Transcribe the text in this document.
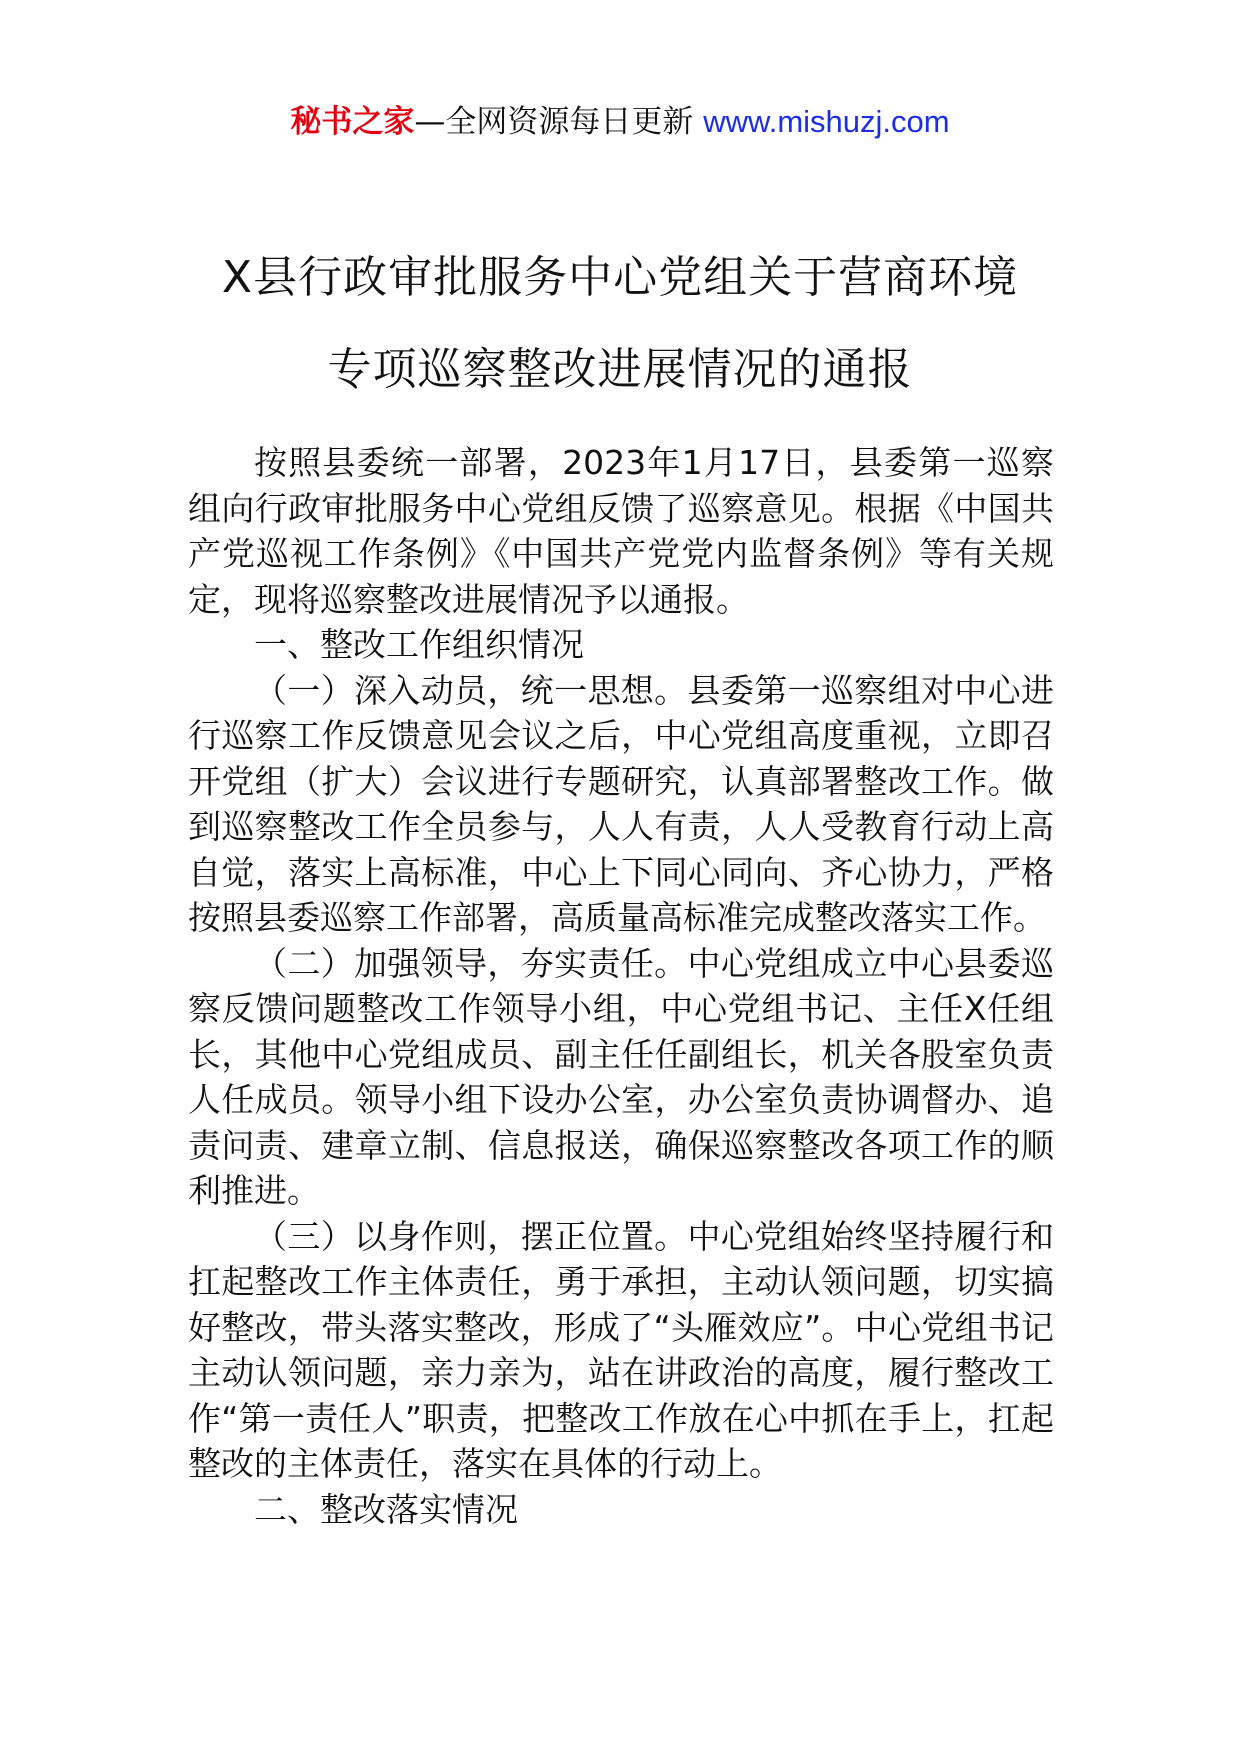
秘书之家—全网资源每日更新 www.mishuzj.com
X县行政审批服务中心党组关于营商环境
专项巡察整改进展情况的通报

按照县委统一部署，2023年1月17日，县委第一巡察组向行政审批服务中心党组反馈了巡察意见。根据《中国共产党巡视工作条例》《中国共产党党内监督条例》等有关规定，现将巡察整改进展情况予以通报。

一、整改工作组织情况

（一）深入动员，统一思想。县委第一巡察组对中心进行巡察工作反馈意见会议之后，中心党组高度重视，立即召开党组（扩大）会议进行专题研究，认真部署整改工作。做到巡察整改工作全员参与，人人有责，人人受教育行动上高自觉，落实上高标准，中心上下同心同向、齐心协力，严格按照县委巡察工作部署，高质量高标准完成整改落实工作。

（二）加强领导，夯实责任。中心党组成立中心县委巡察反馈问题整改工作领导小组，中心党组书记、主任X任组长，其他中心党组成员、副主任任副组长，机关各股室负责人任成员。领导小组下设办公室，办公室负责协调督办、追责问责、建章立制、信息报送，确保巡察整改各项工作的顺利推进。

（三）以身作则，摆正位置。中心党组始终坚持履行和扛起整改工作主体责任，勇于承担，主动认领问题，切实搞好整改，带头落实整改，形成了“头雁效应”。中心党组书记主动认领问题，亲力亲为，站在讲政治的高度，履行整改工作“第一责任人”职责，把整改工作放在心中抓在手上，扛起整改的主体责任，落实在具体的行动上。

二、整改落实情况
